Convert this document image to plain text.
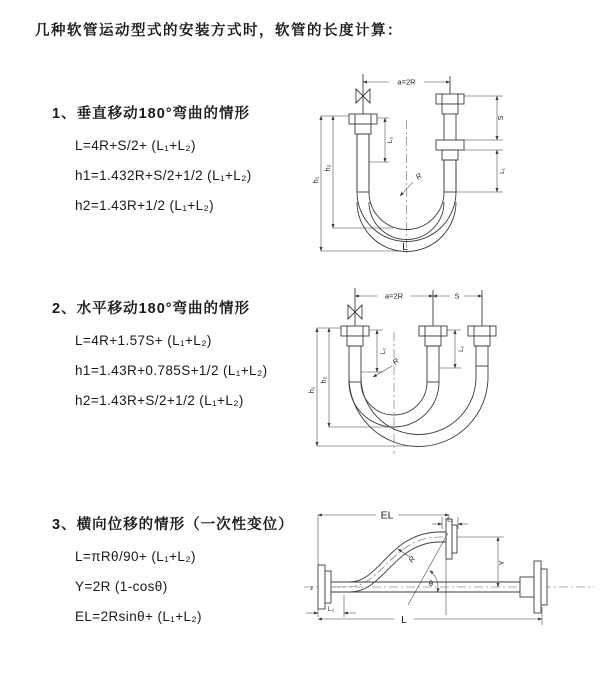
几种软管运动型式的安装方式时，软管的长度计算：
1、垂直移动180°弯曲的情形
L=4R+S/2+ (L₁+L₂)
h1=1.432R+S/2+1/2 (L₁+L₂)
h2=1.43R+1/2 (L₁+L₂)
a=2R
h₁
h₂
L₂
S
L₁
R
L
2、水平移动180°弯曲的情形
L=4R+1.57S+ (L₁+L₂)
h1=1.43R+0.785S+1/2 (L₁+L₂)
h2=1.43R+S/2+1/2 (L₁+L₂)
a=2R	S
h₁
h₂
L₂	L₁
R
3、横向位移的情形（一次性变位）
L=πRθ/90+ (L₁+L₂)
Y=2R (1-cosθ)
EL=2Rsinθ+ (L₁+L₂)
z
EL	L₁
Y
θ
R
L₂
L
